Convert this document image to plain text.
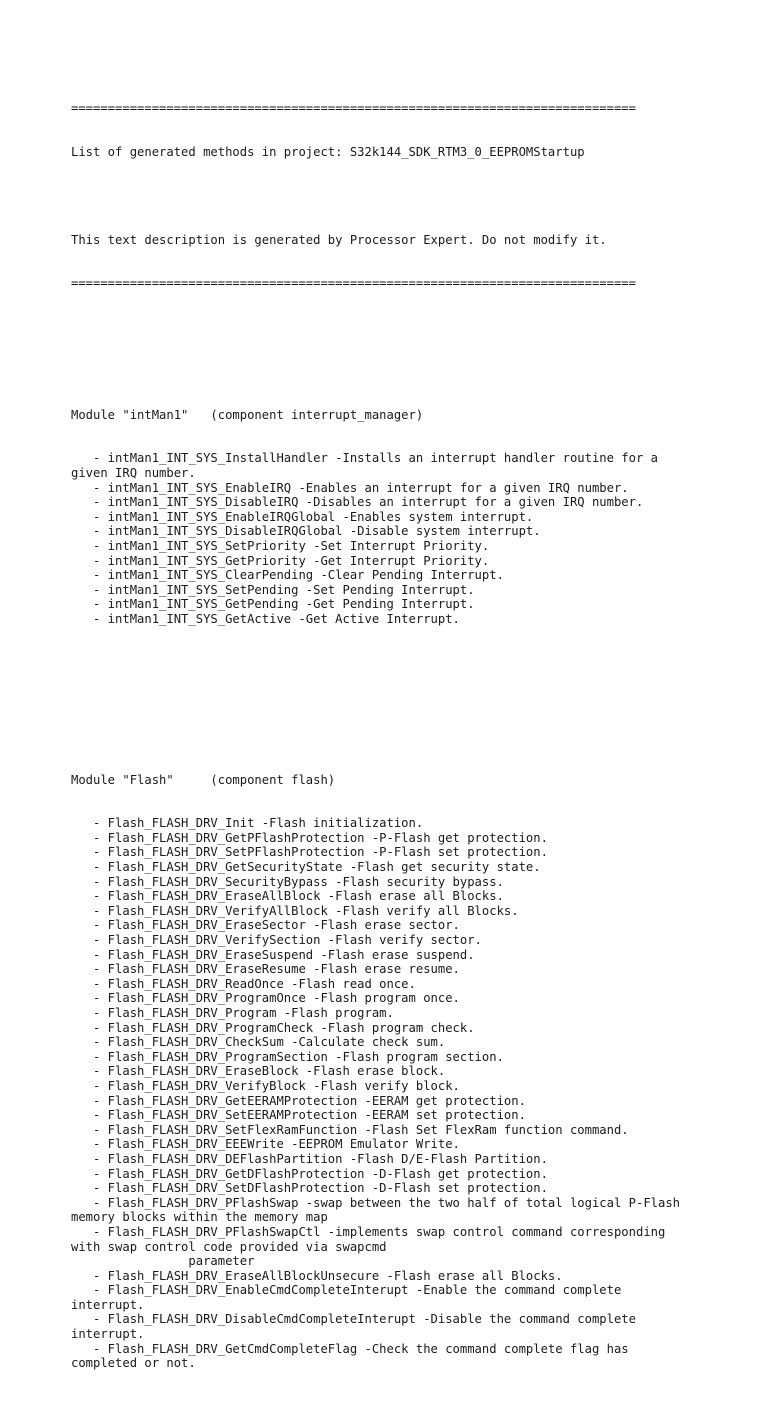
=============================================================================

List of generated methods in project: S32k144_SDK_RTM3_0_EEPROMStartup

This text description is generated by Processor Expert. Do not modify it.

=============================================================================

Module "intMan1"   (component interrupt_manager)

- intMan1_INT_SYS_InstallHandler -Installs an interrupt handler routine for a
given IRQ number.
- intMan1_INT_SYS_EnableIRQ -Enables an interrupt for a given IRQ number.
- intMan1_INT_SYS_DisableIRQ -Disables an interrupt for a given IRQ number.
- intMan1_INT_SYS_EnableIRQGlobal -Enables system interrupt.
- intMan1_INT_SYS_DisableIRQGlobal -Disable system interrupt.
- intMan1_INT_SYS_SetPriority -Set Interrupt Priority.
- intMan1_INT_SYS_GetPriority -Get Interrupt Priority.
- intMan1_INT_SYS_ClearPending -Clear Pending Interrupt.
- intMan1_INT_SYS_SetPending -Set Pending Interrupt.
- intMan1_INT_SYS_GetPending -Get Pending Interrupt.
- intMan1_INT_SYS_GetActive -Get Active Interrupt.

Module "Flash"     (component flash)

- Flash_FLASH_DRV_Init -Flash initialization.
- Flash_FLASH_DRV_GetPFlashProtection -P-Flash get protection.
- Flash_FLASH_DRV_SetPFlashProtection -P-Flash set protection.
- Flash_FLASH_DRV_GetSecurityState -Flash get security state.
- Flash_FLASH_DRV_SecurityBypass -Flash security bypass.
- Flash_FLASH_DRV_EraseAllBlock -Flash erase all Blocks.
- Flash_FLASH_DRV_VerifyAllBlock -Flash verify all Blocks.
- Flash_FLASH_DRV_EraseSector -Flash erase sector.
- Flash_FLASH_DRV_VerifySection -Flash verify sector.
- Flash_FLASH_DRV_EraseSuspend -Flash erase suspend.
- Flash_FLASH_DRV_EraseResume -Flash erase resume.
- Flash_FLASH_DRV_ReadOnce -Flash read once.
- Flash_FLASH_DRV_ProgramOnce -Flash program once.
- Flash_FLASH_DRV_Program -Flash program.
- Flash_FLASH_DRV_ProgramCheck -Flash program check.
- Flash_FLASH_DRV_CheckSum -Calculate check sum.
- Flash_FLASH_DRV_ProgramSection -Flash program section.
- Flash_FLASH_DRV_EraseBlock -Flash erase block.
- Flash_FLASH_DRV_VerifyBlock -Flash verify block.
- Flash_FLASH_DRV_GetEERAMProtection -EERAM get protection.
- Flash_FLASH_DRV_SetEERAMProtection -EERAM set protection.
- Flash_FLASH_DRV_SetFlexRamFunction -Flash Set FlexRam function command.
- Flash_FLASH_DRV_EEEWrite -EEPROM Emulator Write.
- Flash_FLASH_DRV_DEFlashPartition -Flash D/E-Flash Partition.
- Flash_FLASH_DRV_GetDFlashProtection -D-Flash get protection.
- Flash_FLASH_DRV_SetDFlashProtection -D-Flash set protection.
- Flash_FLASH_DRV_PFlashSwap -swap between the two half of total logical P-Flash
memory blocks within the memory map
- Flash_FLASH_DRV_PFlashSwapCtl -implements swap control command corresponding
with swap control code provided via swapcmd
parameter
- Flash_FLASH_DRV_EraseAllBlockUnsecure -Flash erase all Blocks.
- Flash_FLASH_DRV_EnableCmdCompleteInterupt -Enable the command complete
interrupt.
- Flash_FLASH_DRV_DisableCmdCompleteInterupt -Disable the command complete
interrupt.
- Flash_FLASH_DRV_GetCmdCompleteFlag -Check the command complete flag has
completed or not.
